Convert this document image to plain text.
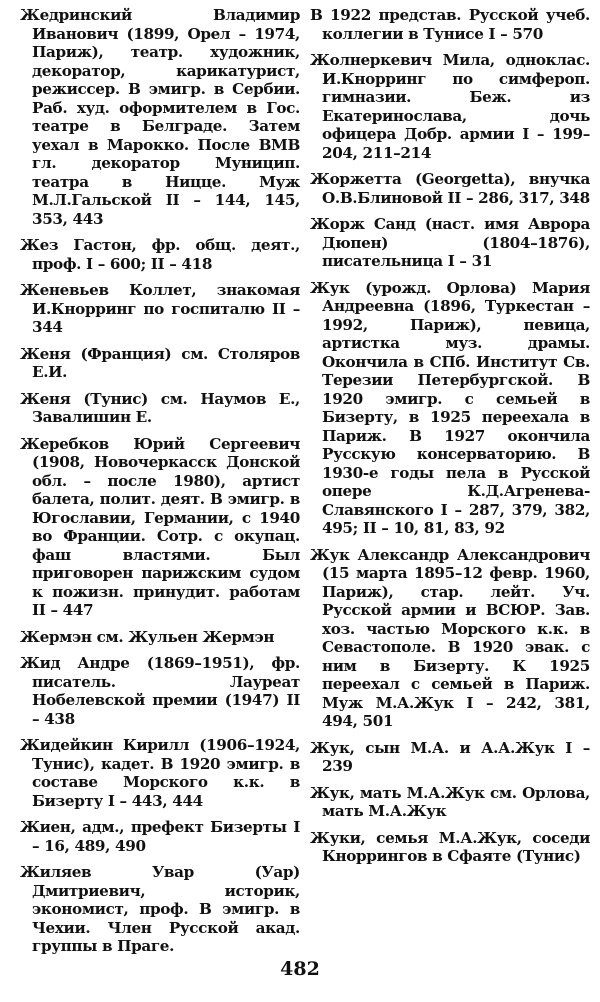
Жедринский Владимир Иванович (1899, Орел – 1974, Париж), театр. художник, декоратор, карикатурист, режиссер. В эмигр. в Сербии. Раб. худ. оформителем в Гос. театре в Белграде. Затем уехал в Марокко. После ВМВ гл. декоратор Муницип. театра в Ницце. Муж М.Л.Гальской II – 144, 145, 353, 443

Жез Гастон, фр. общ. деят., проф. I – 600; II – 418

Женевьев Коллет, знакомая И.Кнорринг по госпиталю II – 344

Женя (Франция) см. Столяров Е.И.

Женя (Тунис) см. Наумов Е., Завалишин Е.

Жеребков Юрий Сергеевич (1908, Новочеркасск Донской обл. – после 1980), артист балета, полит. деят. В эмигр. в Югославии, Германии, с 1940 во Франции. Сотр. с окупац. фаш властями. Был приговорен парижским судом к пожизн. принудит. работам II – 447

Жермэн см. Жульен Жермэн

Жид Андре (1869–1951), фр. писатель. Лауреат Нобелевской премии (1947) II – 438

Жидейкин Кирилл (1906–1924, Тунис), кадет. В 1920 эмигр. в составе Морского к.к. в Бизерту I – 443, 444

Жиен, адм., префект Бизерты I – 16, 489, 490

Жиляев Увар (Уар) Дмитриевич, историк, экономист, проф. В эмигр. в Чехии. Член Русской акад. группы в Праге.

В 1922 представ. Русской учеб. коллегии в Тунисе I – 570

Жолнеркевич Мила, одноклас. И.Кнорринг по симфероп. гимназии. Беж. из Екатеринослава, дочь офицера Добр. армии I – 199–204, 211–214

Жоржетта (Georgetta), внучка О.В.Блиновой II – 286, 317, 348

Жорж Санд (наст. имя Аврора Дюпен) (1804–1876), писательница I – 31

Жук (урожд. Орлова) Мария Андреевна (1896, Туркестан – 1992, Париж), певица, артистка муз. драмы. Окончила в СПб. Институт Св. Терезии Петербургской. В 1920 эмигр. с семьей в Бизерту, в 1925 переехала в Париж. В 1927 окончила Русскую консерваторию. В 1930-е годы пела в Русской опере К.Д.Агренева-Славянского I – 287, 379, 382, 495; II – 10, 81, 83, 92

Жук Александр Александрович (15 марта 1895–12 февр. 1960, Париж), стар. лейт. Уч. Русской армии и ВСЮР. Зав. хоз. частью Морского к.к. в Севастополе. В 1920 эвак. с ним в Бизерту. К 1925 переехал с семьей в Париж. Муж М.А.Жук I – 242, 381, 494, 501

Жук, сын М.А. и А.А.Жук I – 239

Жук, мать М.А.Жук см. Орлова, мать М.А.Жук

Жуки, семья М.А.Жук, соседи Кноррингов в Сфаяте (Тунис)

482
